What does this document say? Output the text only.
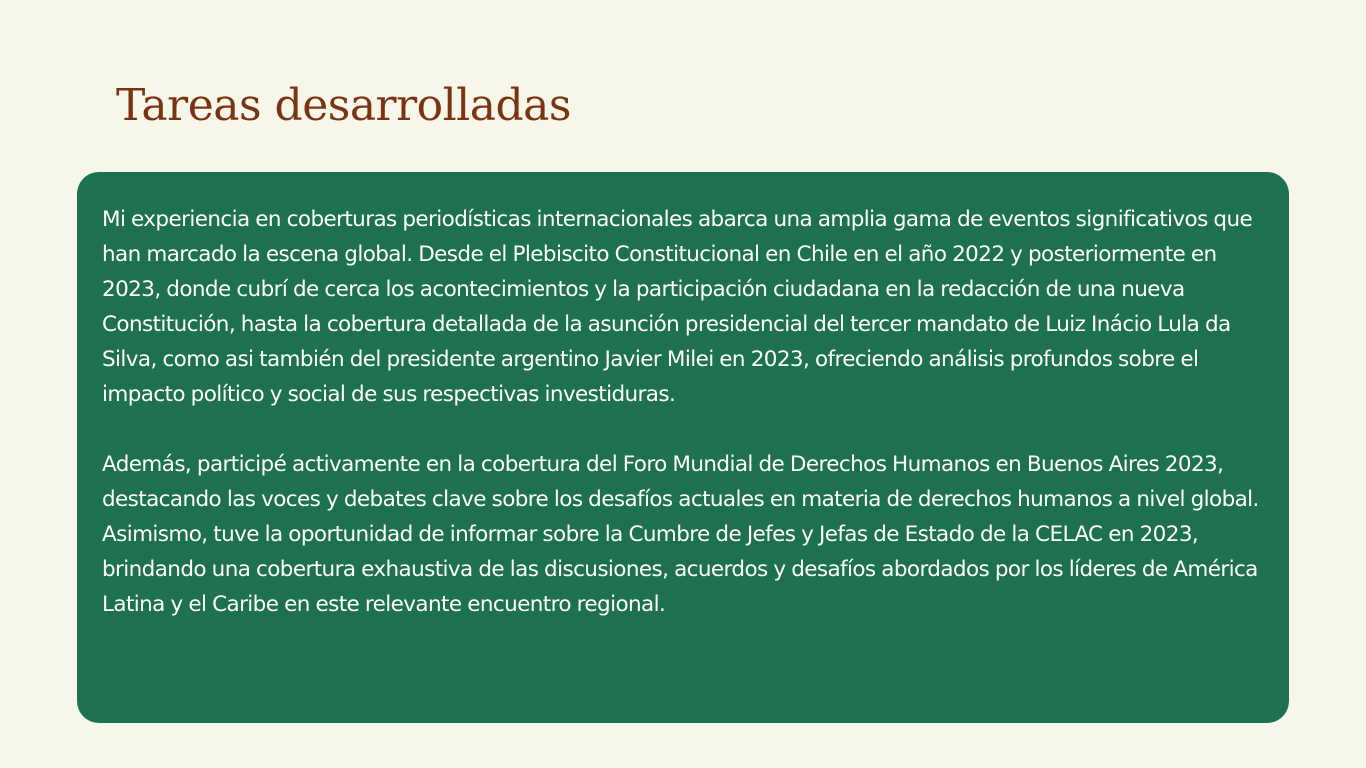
Tareas desarrolladas

Mi experiencia en coberturas periodísticas internacionales abarca una amplia gama de eventos significativos que han marcado la escena global. Desde el Plebiscito Constitucional en Chile en el año 2022 y posteriormente en 2023, donde cubrí de cerca los acontecimientos y la participación ciudadana en la redacción de una nueva Constitución, hasta la cobertura detallada de la asunción presidencial del tercer mandato de Luiz Inácio Lula da Silva, como asi también del presidente argentino Javier Milei en 2023, ofreciendo análisis profundos sobre el impacto político y social de sus respectivas investiduras.

Además, participé activamente en la cobertura del Foro Mundial de Derechos Humanos en Buenos Aires 2023, destacando las voces y debates clave sobre los desafíos actuales en materia de derechos humanos a nivel global. Asimismo, tuve la oportunidad de informar sobre la Cumbre de Jefes y Jefas de Estado de la CELAC en 2023, brindando una cobertura exhaustiva de las discusiones, acuerdos y desafíos abordados por los líderes de América Latina y el Caribe en este relevante encuentro regional.
